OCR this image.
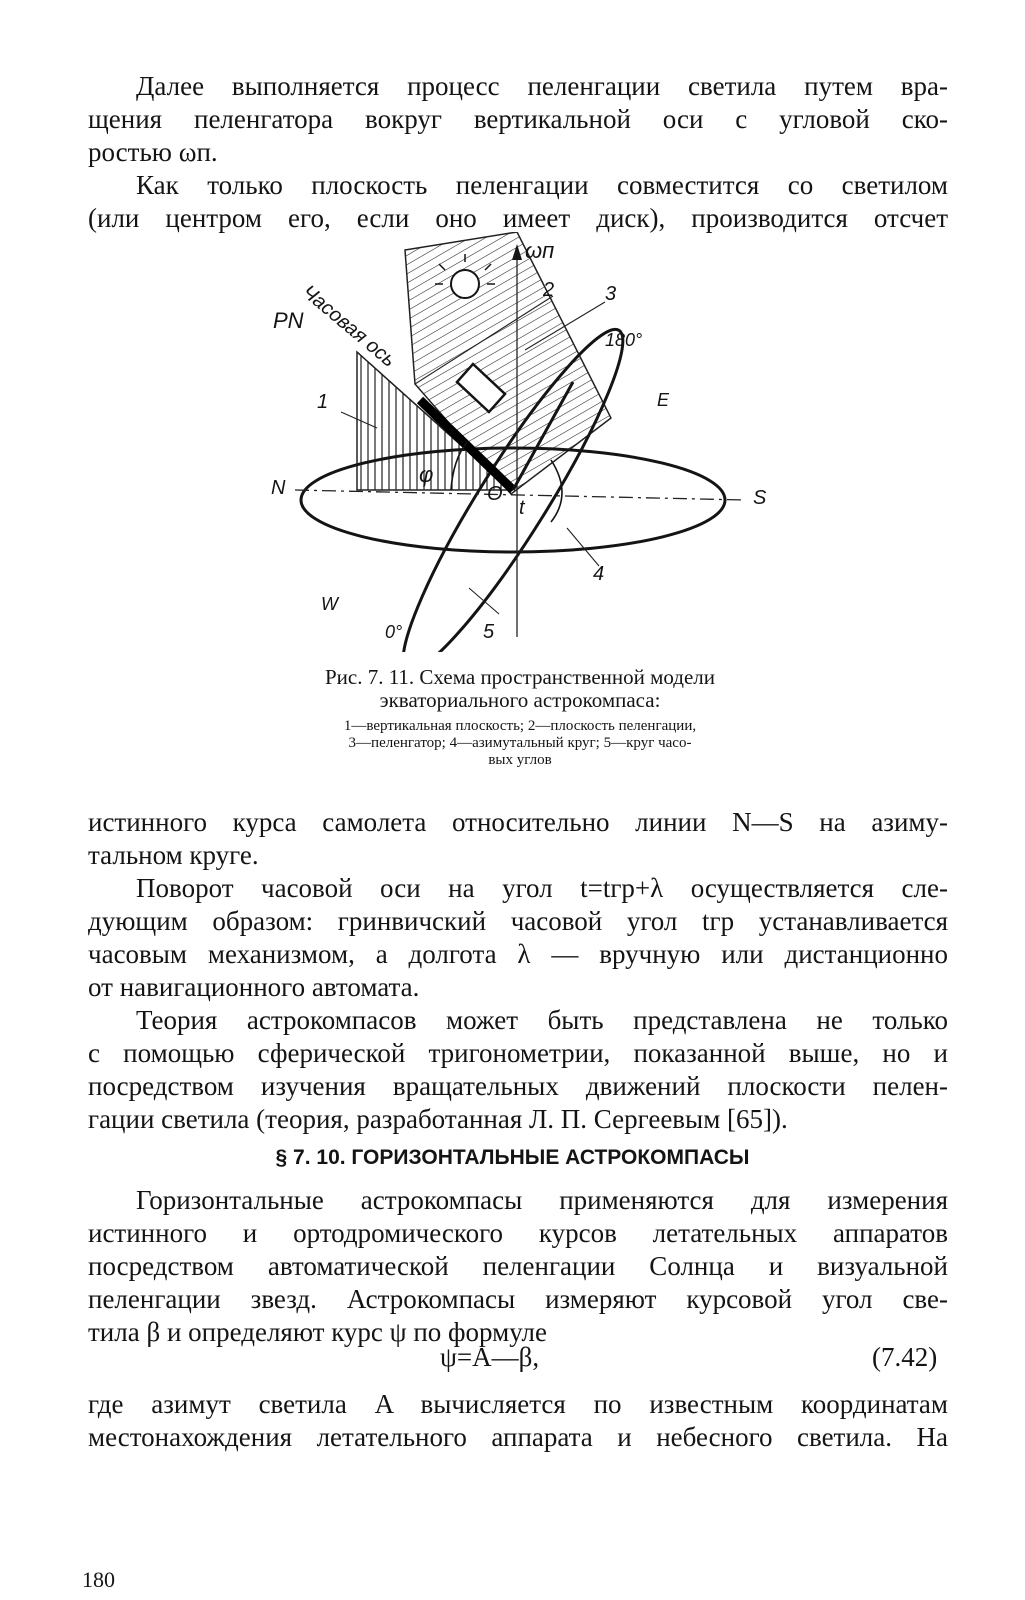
Далее выполняется процесс пеленгации светила путем вра-
щения пеленгатора вокруг вертикальной оси с угловой ско-
ростью ωп.

Как только плоскость пеленгации совместится со светилом
(или центром его, если оно имеет диск), производится отсчет

ωп
Часовая ось
PN
N	S
E
W
O
t
φ
180°
0°
1
2	3
4
5
Рис. 7. 11. Схема пространственной модели
экваториального астрокомпаса:
1—вертикальная плоскость; 2—плоскость пеленгации,
3—пеленгатор; 4—азимутальный круг; 5—круг часо-
вых углов

истинного курса самолета относительно линии N—S на азиму-
тальном круге.

Поворот часовой оси на угол t=tгр+λ осуществляется сле-
дующим образом: гринвичский часовой угол tгр устанавливается
часовым механизмом, а долгота λ — вручную или дистанционно
от навигационного автомата.

Теория астрокомпасов может быть представлена не только
с помощью сферической тригонометрии, показанной выше, но и
посредством изучения вращательных движений плоскости пелен-
гации светила (теория, разработанная Л. П. Сергеевым [65]).

§ 7. 10. ГОРИЗОНТАЛЬНЫЕ АСТРОКОМПАСЫ

Горизонтальные астрокомпасы применяются для измерения
истинного и ортодромического курсов летательных аппаратов
посредством автоматической пеленгации Солнца и визуальной
пеленгации звезд. Астрокомпасы измеряют курсовой угол све-
тила β и определяют курс ψ по формуле

ψ=A—β,	(7.42)

где азимут светила A вычисляется по известным координатам
местонахождения летательного аппарата и небесного светила. На

180
